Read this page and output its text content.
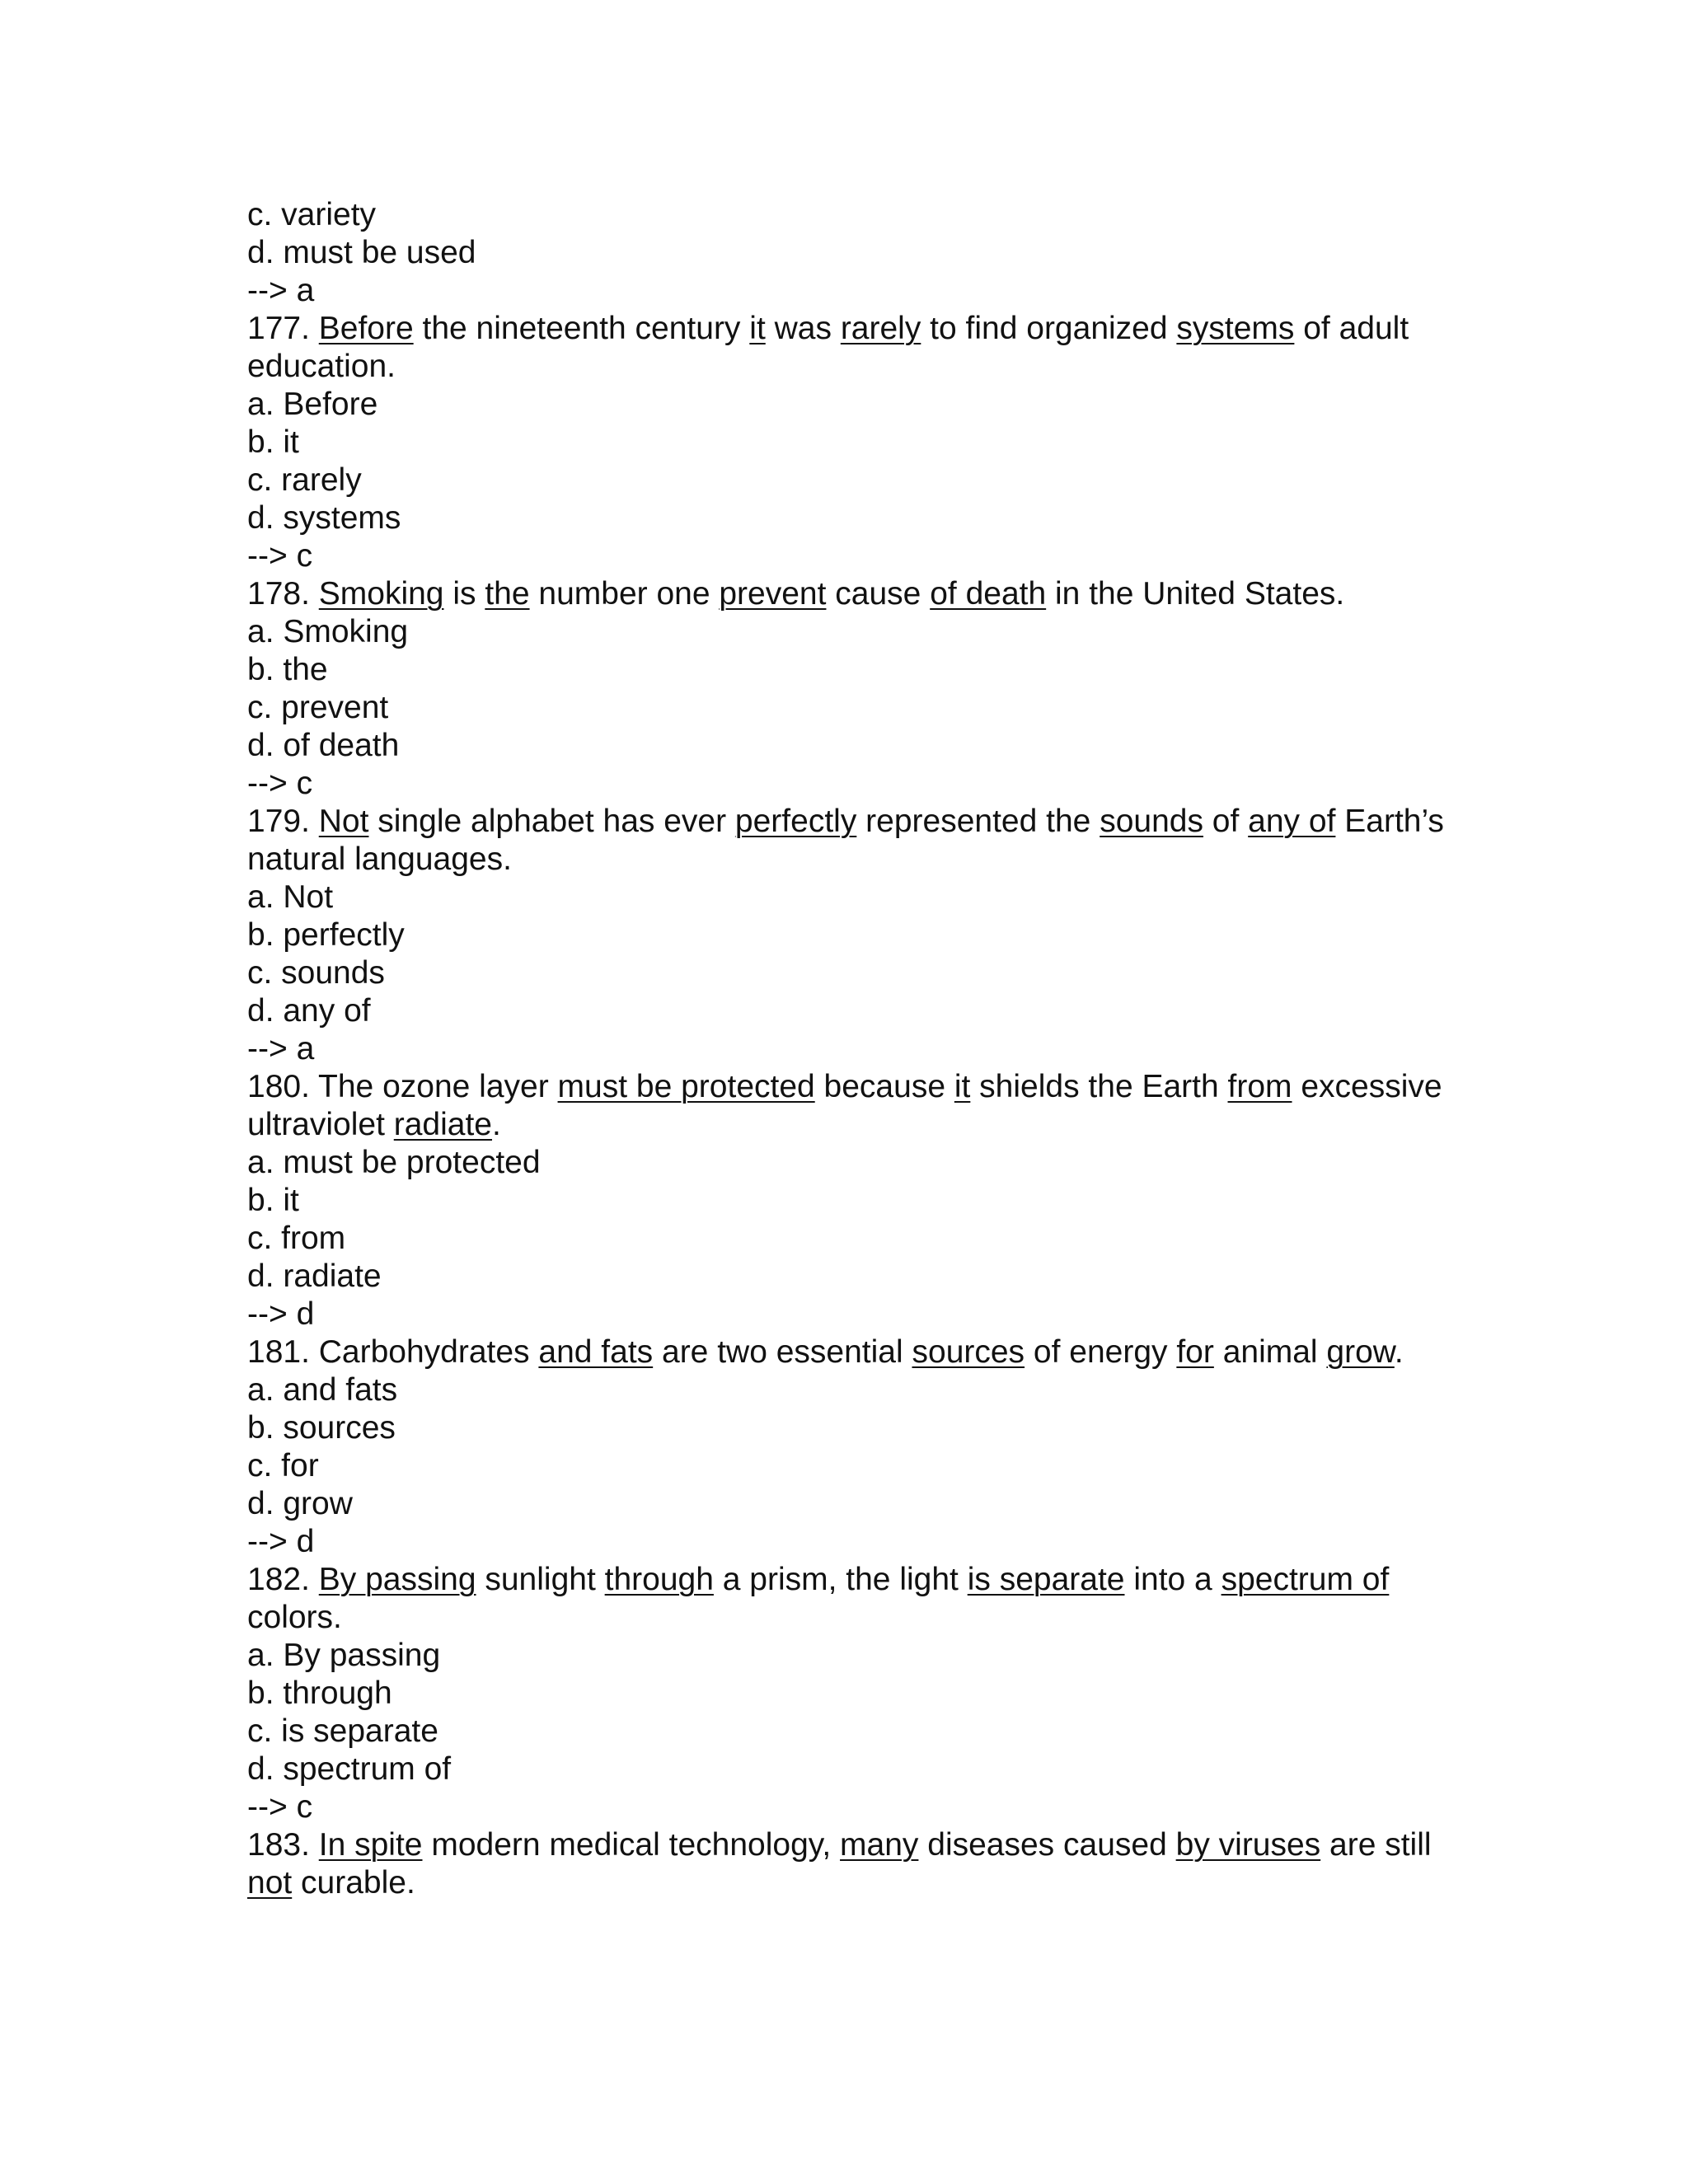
c. variety
d. must be used
--> a
177. Before the nineteenth century it was rarely to find organized systems of adult education.
a. Before
b. it
c. rarely
d. systems
--> c
178. Smoking is the number one prevent cause of death in the United States.
a. Smoking
b. the
c. prevent
d. of death
--> c
179. Not single alphabet has ever perfectly represented the sounds of any of Earth’s natural languages.
a. Not
b. perfectly
c. sounds
d. any of
--> a
180. The ozone layer must be protected because it shields the Earth from excessive ultraviolet radiate.
a. must be protected
b. it
c. from
d. radiate
--> d
181. Carbohydrates and fats are two essential sources of energy for animal grow.
a. and fats
b. sources
c. for
d. grow
--> d
182. By passing sunlight through a prism, the light is separate into a spectrum of colors.
a. By passing
b. through
c. is separate
d. spectrum of
--> c
183. In spite modern medical technology, many diseases caused by viruses are still not curable.
